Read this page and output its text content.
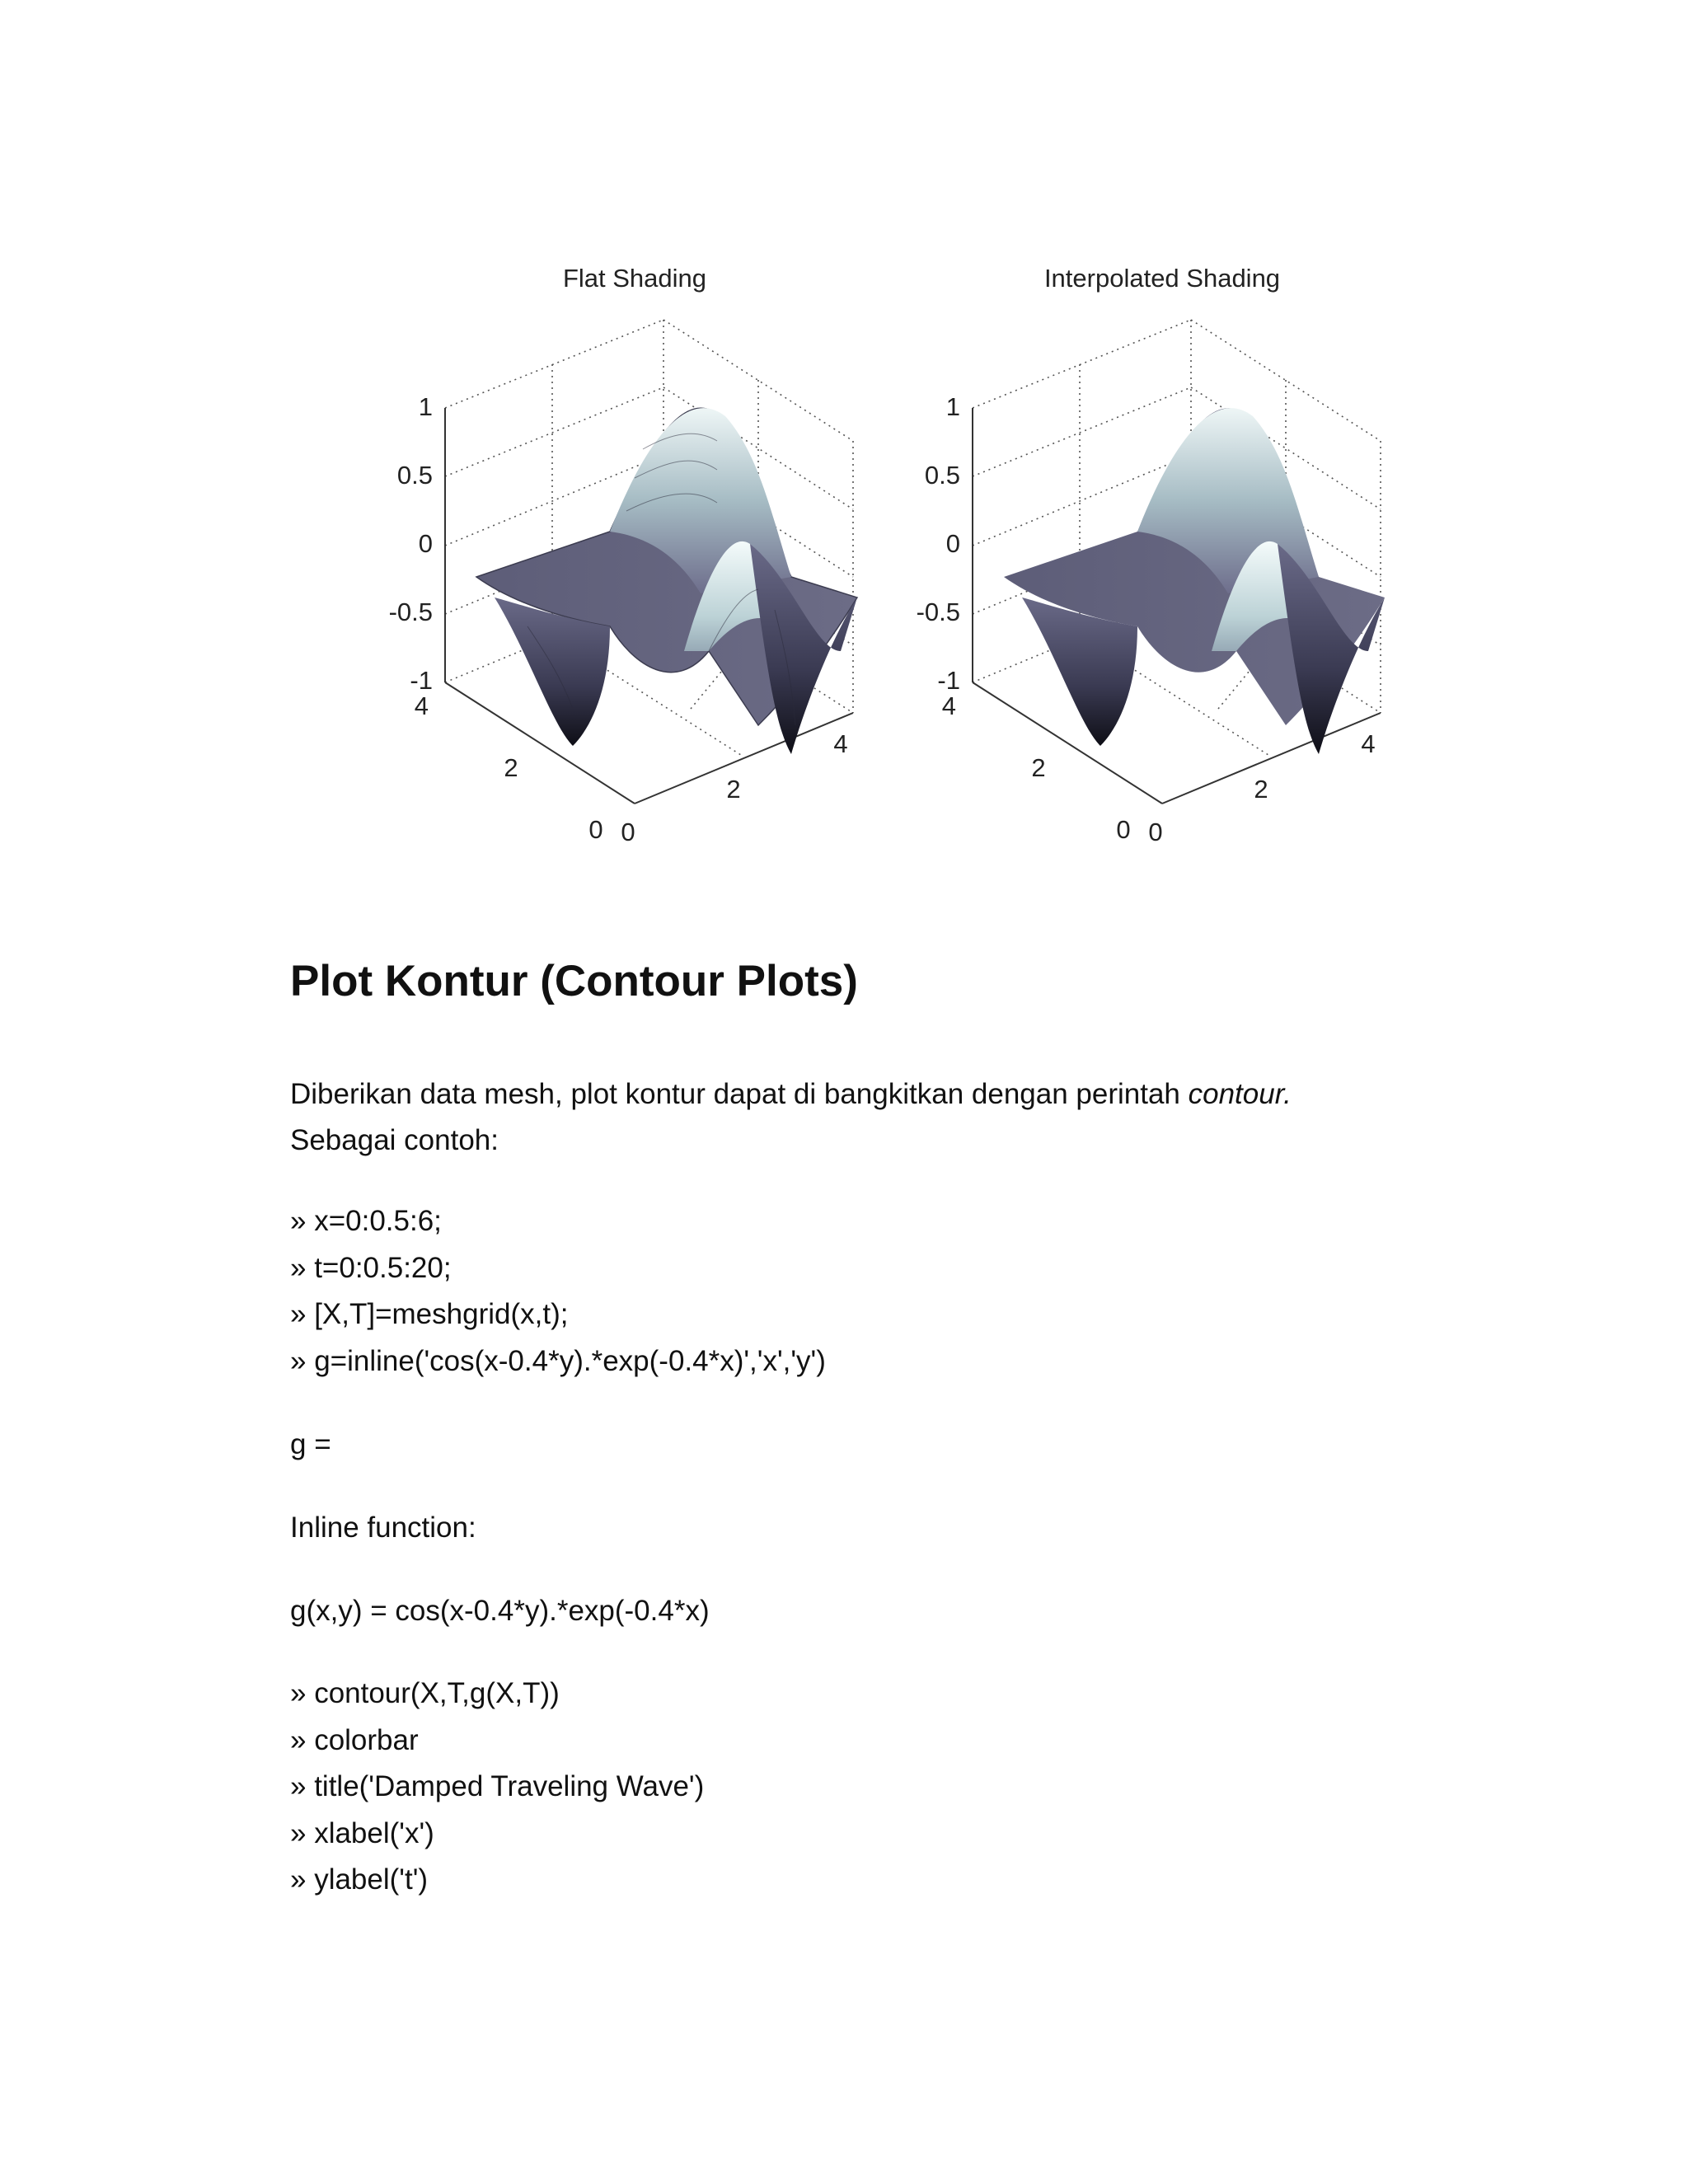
Flat Shading	Interpolated Shading
1
0.5
0
-0.5
-1
4
2
0 0
2
4
1
0.5
0
-0.5
-1
4
2
0 0
2
4
Plot Kontur (Contour Plots)

Diberikan data mesh, plot kontur dapat di bangkitkan dengan perintah contour.
Sebagai contoh:

» x=0:0.5:6;

» t=0:0.5:20;

» [X,T]=meshgrid(x,t);

» g=inline('cos(x-0.4*y).*exp(-0.4*x)','x','y')

g =

Inline function:

g(x,y) = cos(x-0.4*y).*exp(-0.4*x)

» contour(X,T,g(X,T))

» colorbar

» title('Damped Traveling Wave')

» xlabel('x')

» ylabel('t')
